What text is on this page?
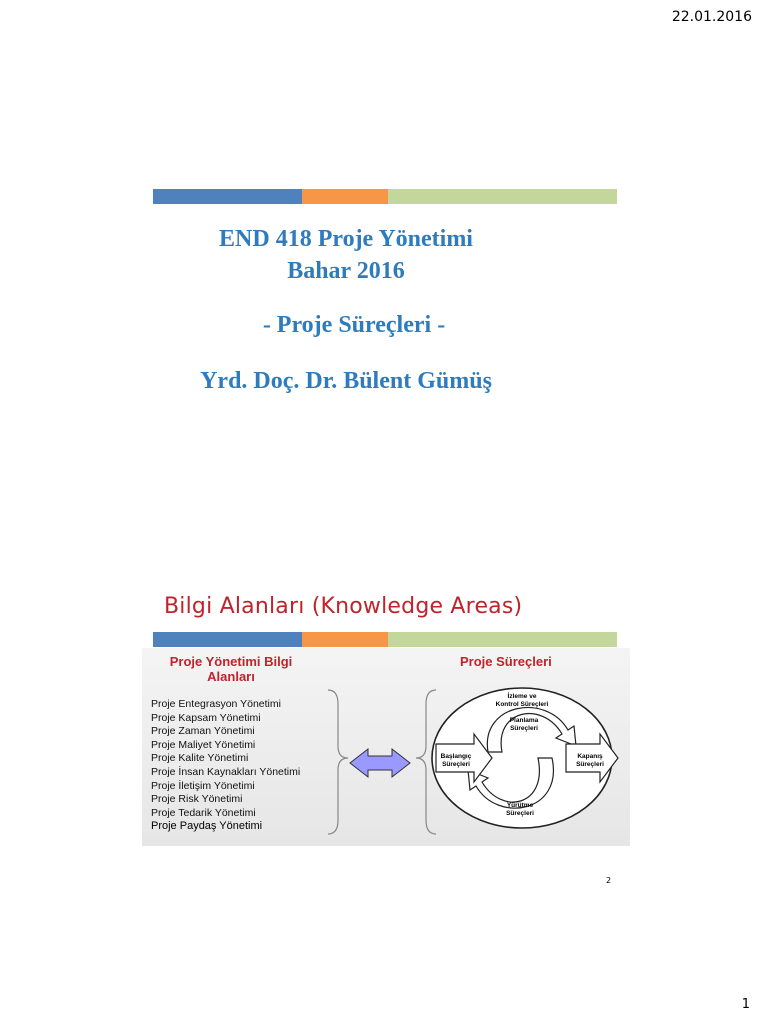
22.01.2016
END 418 Proje Yönetimi
Bahar 2016
- Proje Süreçleri -
Yrd. Doç. Dr. Bülent Gümüş
Bilgi Alanları (Knowledge Areas)
Proje Yönetimi Bilgi Alanları
Proje Süreçleri
Proje Entegrasyon Yönetimi
Proje Kapsam Yönetimi
Proje Zaman Yönetimi
Proje Maliyet Yönetimi
Proje Kalite Yönetimi
Proje İnsan Kaynakları Yönetimi
Proje İletişim Yönetimi
Proje Risk Yönetimi
Proje Tedarik Yönetimi
Proje Paydaş Yönetimi
İzleme ve
Kontrol Süreçleri
Planlama
Süreçleri
Başlangıç
Süreçleri
Kapanış
Süreçleri
Yürütme
Süreçleri
2
1
